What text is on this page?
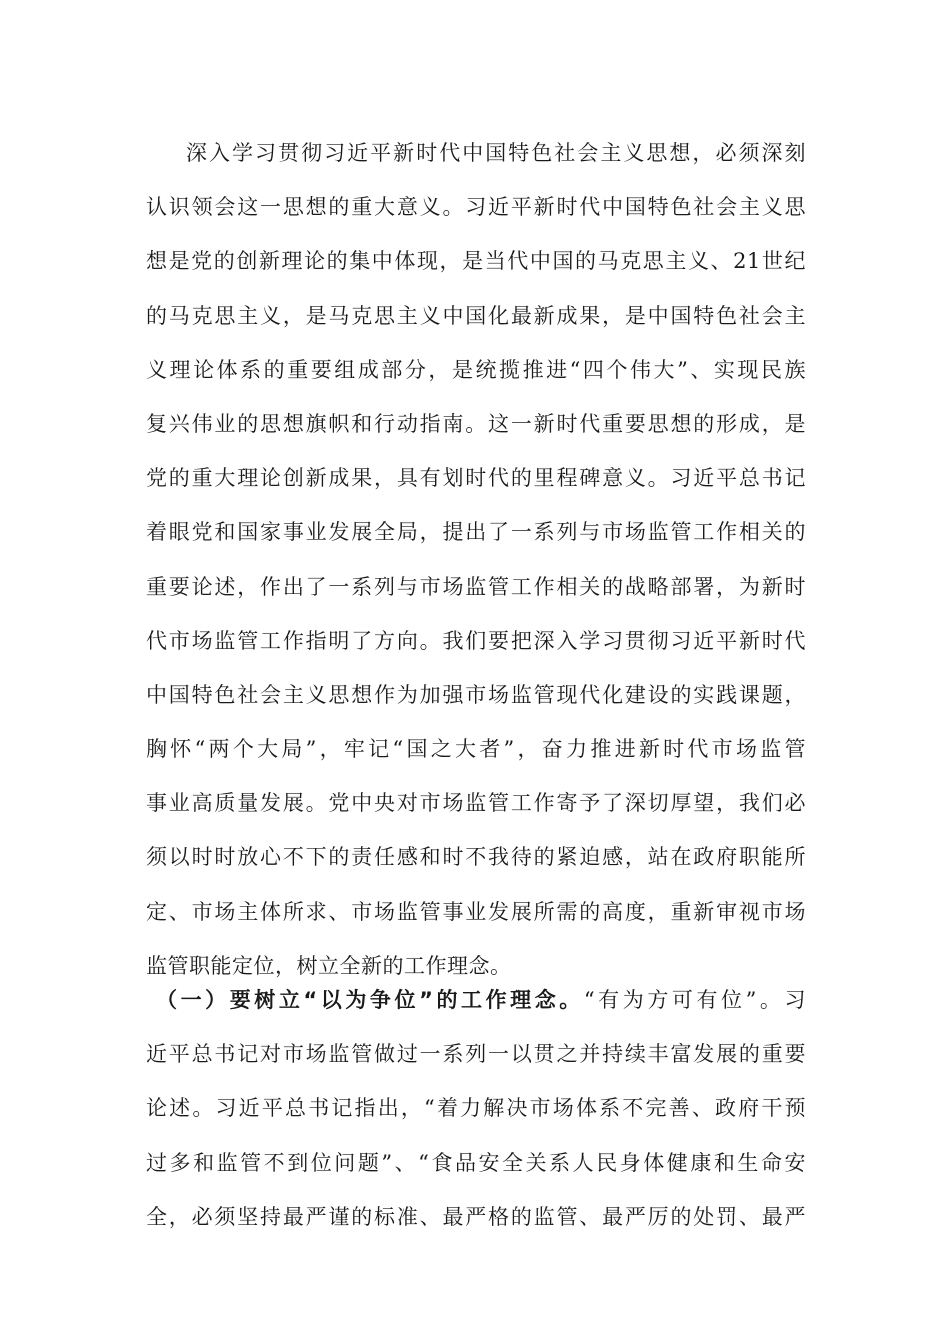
深入学习贯彻习近平新时代中国特色社会主义思想，必须深刻
认识领会这一思想的重大意义。习近平新时代中国特色社会主义思
想是党的创新理论的集中体现，是当代中国的马克思主义、21世纪
的马克思主义，是马克思主义中国化最新成果，是中国特色社会主
义理论体系的重要组成部分，是统揽推进“四个伟大”、实现民族
复兴伟业的思想旗帜和行动指南。这一新时代重要思想的形成，是
党的重大理论创新成果，具有划时代的里程碑意义。习近平总书记
着眼党和国家事业发展全局，提出了一系列与市场监管工作相关的
重要论述，作出了一系列与市场监管工作相关的战略部署，为新时
代市场监管工作指明了方向。我们要把深入学习贯彻习近平新时代
中国特色社会主义思想作为加强市场监管现代化建设的实践课题，
胸怀“两个大局”，牢记“国之大者”，奋力推进新时代市场监管
事业高质量发展。党中央对市场监管工作寄予了深切厚望，我们必
须以时时放心不下的责任感和时不我待的紧迫感，站在政府职能所
定、市场主体所求、市场监管事业发展所需的高度，重新审视市场
监管职能定位，树立全新的工作理念。
（一）要树立“以为争位”的工作理念。“有为方可有位”。习
近平总书记对市场监管做过一系列一以贯之并持续丰富发展的重要
论述。习近平总书记指出，“着力解决市场体系不完善、政府干预
过多和监管不到位问题”、“食品安全关系人民身体健康和生命安
全，必须坚持最严谨的标准、最严格的监管、最严厉的处罚、最严
